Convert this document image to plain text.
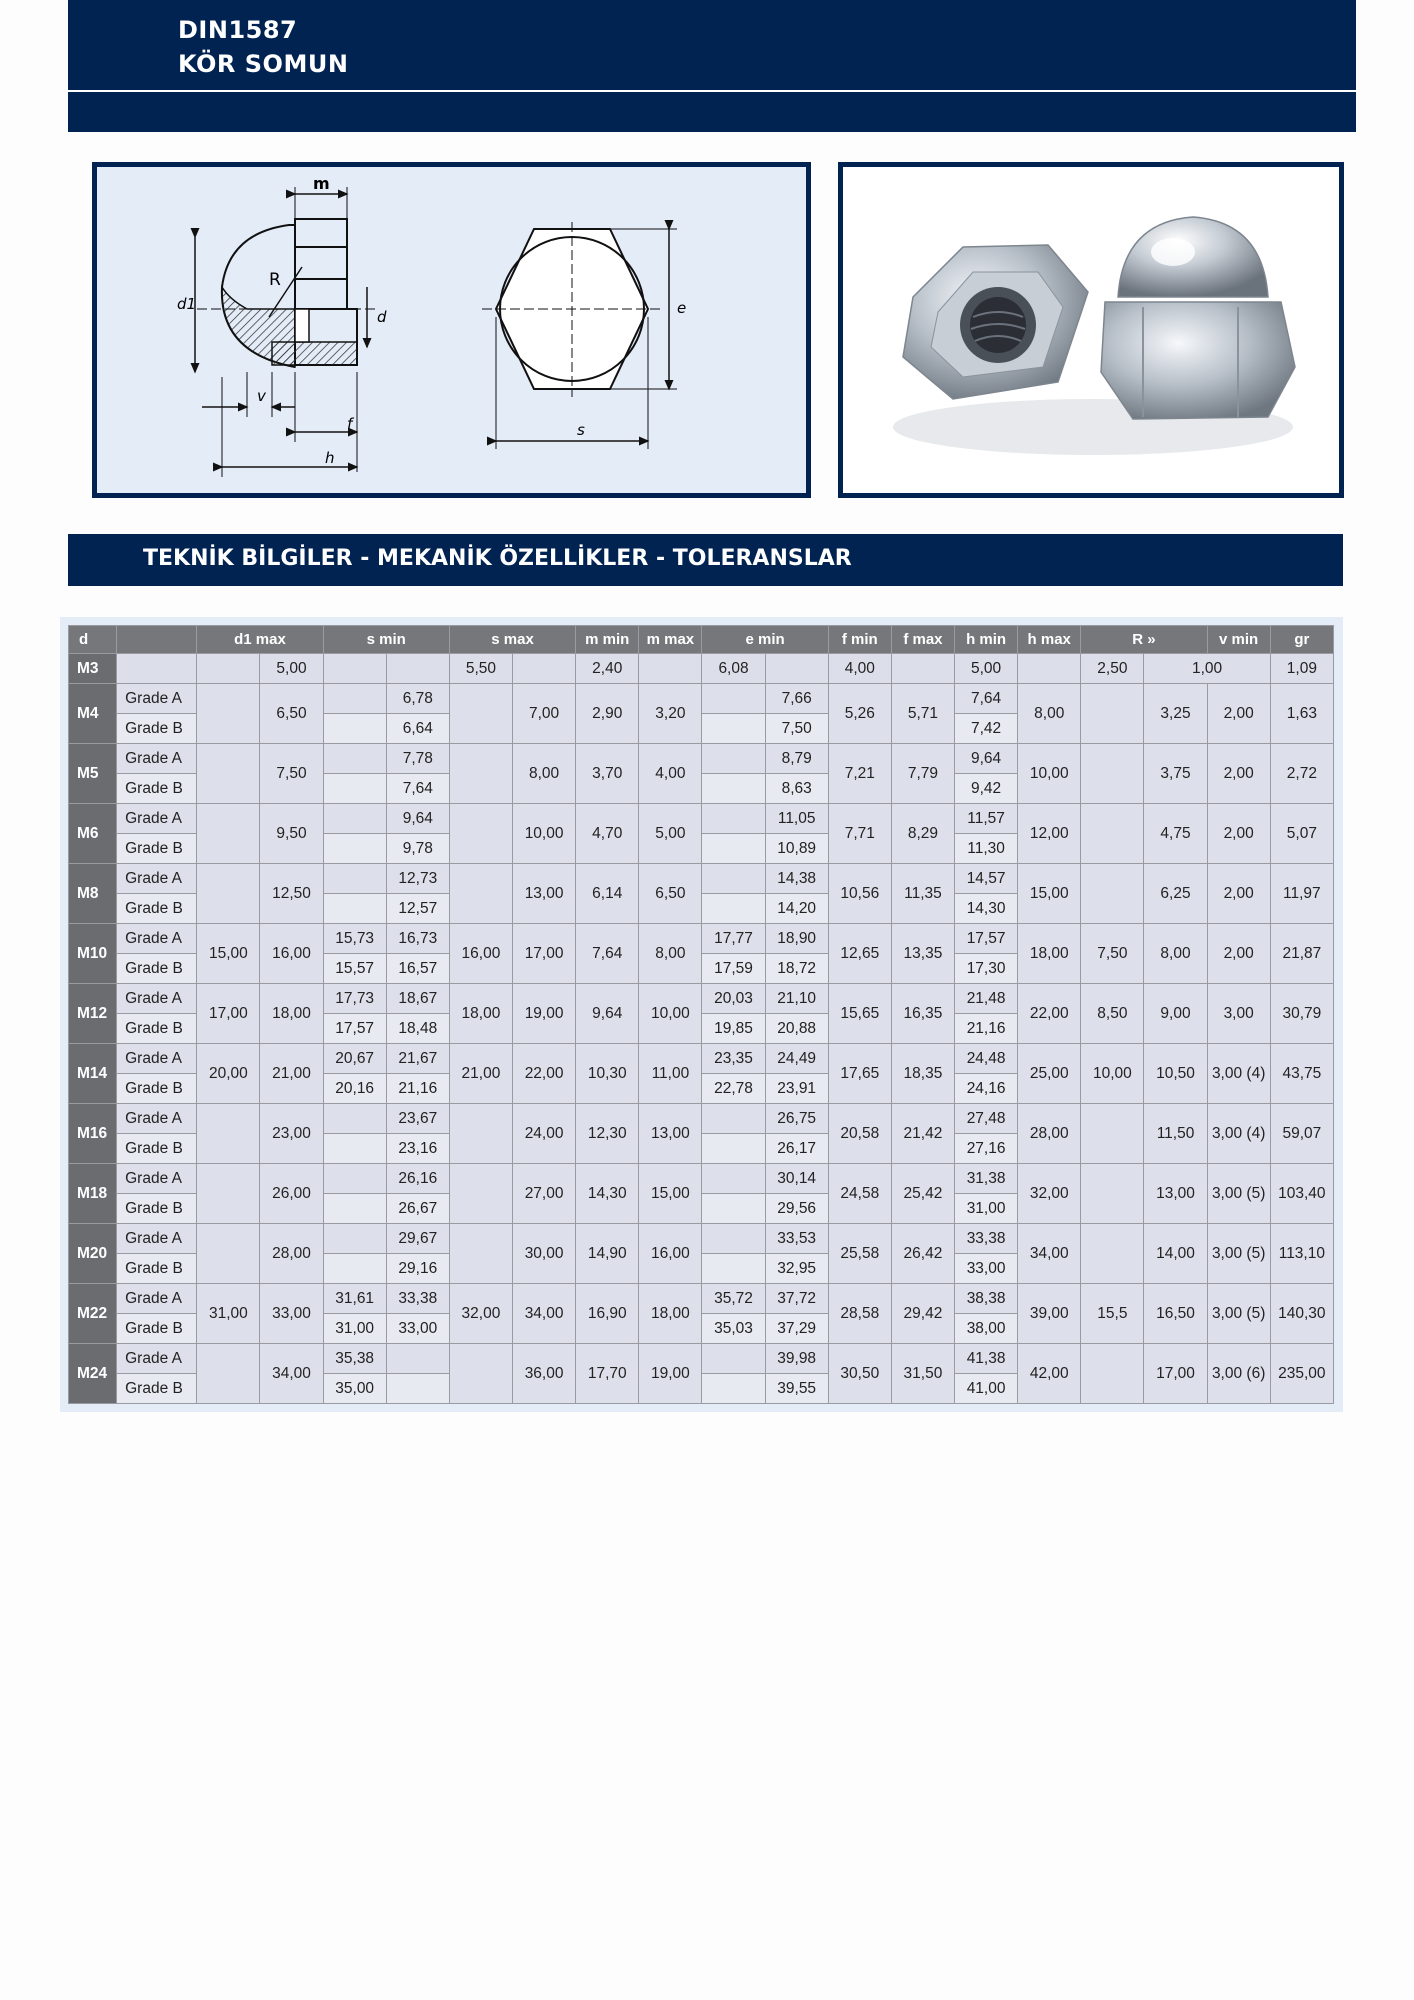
DIN1587
KÖR SOMUN
m
R
d1
d
v
f
h
e
s
TEKNİK BİLGİLER - MEKANİK ÖZELLİKLER - TOLERANSLAR
d		d1 max		s min		s max		m min	m max	e min		f min	f max	h min	h max	R »		v min	gr
M3			5,00			5,50		2,40		6,08		4,00		5,00		2,50	1,00		1,09
M4	Grade A		6,50		6,78		7,00	2,90	3,20		7,66	5,26	5,71	7,64	8,00		3,25	2,00	1,63
	Grade B				6,64						7,50			7,42					
M5	Grade A		7,50		7,78		8,00	3,70	4,00		8,79	7,21	7,79	9,64	10,00		3,75	2,00	2,72
	Grade B				7,64						8,63			9,42					
M6	Grade A		9,50		9,64		10,00	4,70	5,00		11,05	7,71	8,29	11,57	12,00		4,75	2,00	5,07
	Grade B				9,78						10,89			11,30					
M8	Grade A		12,50		12,73		13,00	6,14	6,50		14,38	10,56	11,35	14,57	15,00		6,25	2,00	11,97
	Grade B				12,57						14,20			14,30					
M10	Grade A	15,00	16,00	15,73	16,73	16,00	17,00	7,64	8,00	17,77	18,90	12,65	13,35	17,57	18,00	7,50	8,00	2,00	21,87
	Grade B			15,57	16,57					17,59	18,72			17,30					
M12	Grade A	17,00	18,00	17,73	18,67	18,00	19,00	9,64	10,00	20,03	21,10	15,65	16,35	21,48	22,00	8,50	9,00	3,00	30,79
	Grade B			17,57	18,48					19,85	20,88			21,16					
M14	Grade A	20,00	21,00	20,67	21,67	21,00	22,00	10,30	11,00	23,35	24,49	17,65	18,35	24,48	25,00	10,00	10,50	3,00 (4)	43,75
	Grade B			20,16	21,16					22,78	23,91			24,16					
M16	Grade A		23,00		23,67		24,00	12,30	13,00		26,75	20,58	21,42	27,48	28,00		11,50	3,00 (4)	59,07
	Grade B				23,16						26,17			27,16					
M18	Grade A		26,00		26,16		27,00	14,30	15,00		30,14	24,58	25,42	31,38	32,00		13,00	3,00 (5)	103,40
	Grade B				26,67						29,56			31,00					
M20	Grade A		28,00		29,67		30,00	14,90	16,00		33,53	25,58	26,42	33,38	34,00		14,00	3,00 (5)	113,10
	Grade B				29,16						32,95			33,00					
M22	Grade A	31,00	33,00	31,61	33,38	32,00	34,00	16,90	18,00	35,72	37,72	28,58	29,42	38,38	39,00	15,5	16,50	3,00 (5)	140,30
	Grade B			31,00	33,00					35,03	37,29			38,00					
M24	Grade A		34,00	35,38			36,00	17,70	19,00		39,98	30,50	31,50	41,38	42,00		17,00	3,00 (6)	235,00
	Grade B			35,00							39,55			41,00					
